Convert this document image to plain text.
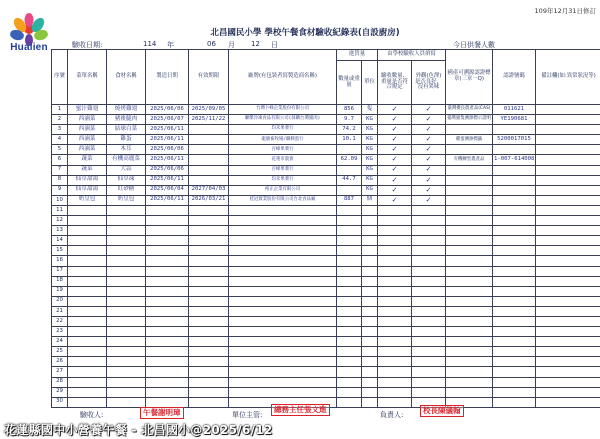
Hualien
109年12月31日修訂
北昌國民小學 學校午餐食材驗收紀錄表(自設廚房)
驗收日期:	114 年	06 月 12 日	今日供餐人數
序號	菜單名稱	食材名稱	製造日期	有效期限	廠牌(有包裝者寫製造商名稱)	進貨量		由學校驗收人員填寫		國產可溯源認證標章(三章一Q)	認證號碼	備註欄(如:異常狀況等)
						數量或重量	單位	驗收數量、重量是否符合規定	外觀(色澤)是否良好、沒有異味			
1	蜜汁雞翅	燒烤雞翅	2025/06/06	2025/09/05	台灣卜蜂企業股份有限公司	856	隻	✓	✓	臺灣優良農產品(CAS)	011621	
2	西滷菜	豬後腿肉	2025/06/07	2025/11/22	聯傑冷凍食品有限公司(採購台灣豬肉)	9.7	KG	✓	✓	臺灣豬隻溯源標示證明	YE190681	
3	西滷菜	結球白菜	2025/06/11		均禾果菜行	74.2	KG	✓	✓			
4	西滷菜	雞蛋	2025/06/11		龍儀畜牧場/聯興蛋行	10.1	KG	✓	✓	雞蛋溯源標籤	5200017015	
5	西滷菜	木耳	2025/06/06		百峰果菜行		KG	✓	✓			
6	蔬菜	有機高麗菜	2025/06/11		花蓮市農會	62.09	KG	✓	✓	有機轉型農產品	1-007-614008	
7	蔬菜	大蒜	2025/06/06		百峰果菜行		KG	✓	✓			
8	仙草甜湯	仙草凍	2025/06/11		均禾果菜行	44.7	KG	✓	✓			
9	仙草甜湯	紅砂糖	2025/06/04	2027/04/03	裕正企業有限公司		KG	✓	✓			
10	奶皇包	奶皇包	2025/06/11	2026/03/21	桂冠實業股份有限公司台北食品廠	887	個	✓	✓			
11												
12												
13												
14												
15												
16												
17												
18												
19												
20												
21												
22												
23												
24												
25												
26												
27												
28												
29												
30												
驗收人:	午餐謝明璋	單位主管:
總務主任張文進
負責人:	校長陳儀翰
花蓮縣國中小營養午餐 - 北昌國小@2025/6/12
